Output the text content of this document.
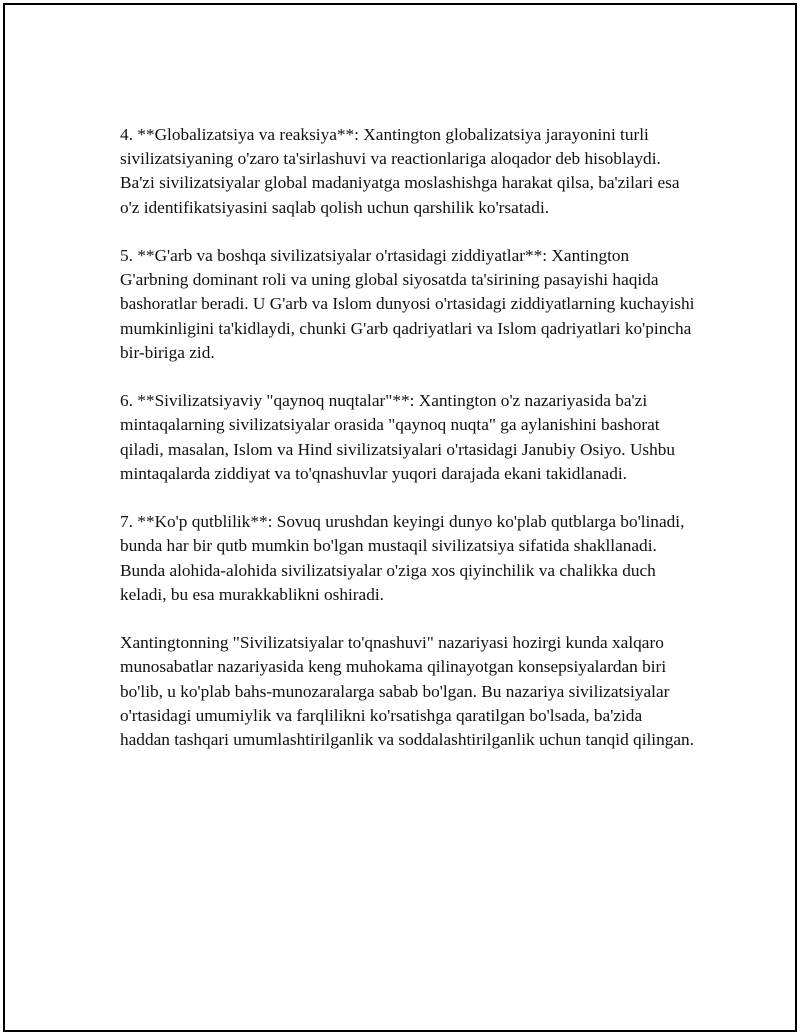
4. **Globalizatsiya va reaksiya**: Xantington globalizatsiya jarayonini turli sivilizatsiyaning o'zaro ta'sirlashuvi va reactionlariga aloqador deb hisoblaydi. Ba'zi sivilizatsiyalar global madaniyatga moslashishga harakat qilsa, ba'zilari esa o'z identifikatsiyasini saqlab qolish uchun qarshilik ko'rsatadi.

5. **G'arb va boshqa sivilizatsiyalar o'rtasidagi ziddiyatlar**: Xantington G'arbning dominant roli va uning global siyosatda ta'sirining pasayishi haqida bashoratlar beradi. U G'arb va Islom dunyosi o'rtasidagi ziddiyatlarning kuchayishi mumkinligini ta'kidlaydi, chunki G'arb qadriyatlari va Islom qadriyatlari ko'pincha bir-biriga zid.

6. **Sivilizatsiyaviy "qaynoq nuqtalar"**: Xantington o'z nazariyasida ba'zi mintaqalarning sivilizatsiyalar orasida "qaynoq nuqta" ga aylanishini bashorat qiladi, masalan, Islom va Hind sivilizatsiyalari o'rtasidagi Janubiy Osiyo. Ushbu mintaqalarda ziddiyat va to'qnashuvlar yuqori darajada ekani takidlanadi.

7. **Ko'p qutblilik**: Sovuq urushdan keyingi dunyo ko'plab qutblarga bo'linadi, bunda har bir qutb mumkin bo'lgan mustaqil sivilizatsiya sifatida shakllanadi. Bunda alohida-alohida sivilizatsiyalar o'ziga xos qiyinchilik va chalikka duch keladi, bu esa murakkablikni oshiradi.

Xantingtonning "Sivilizatsiyalar to'qnashuvi" nazariyasi hozirgi kunda xalqaro munosabatlar nazariyasida keng muhokama qilinayotgan konsepsiyalardan biri bo'lib, u ko'plab bahs-munozaralarga sabab bo'lgan. Bu nazariya sivilizatsiyalar o'rtasidagi umumiylik va farqlilikni ko'rsatishga qaratilgan bo'lsada, ba'zida haddan tashqari umumlashtirilganlik va soddalashtirilganlik uchun tanqid qilingan.
